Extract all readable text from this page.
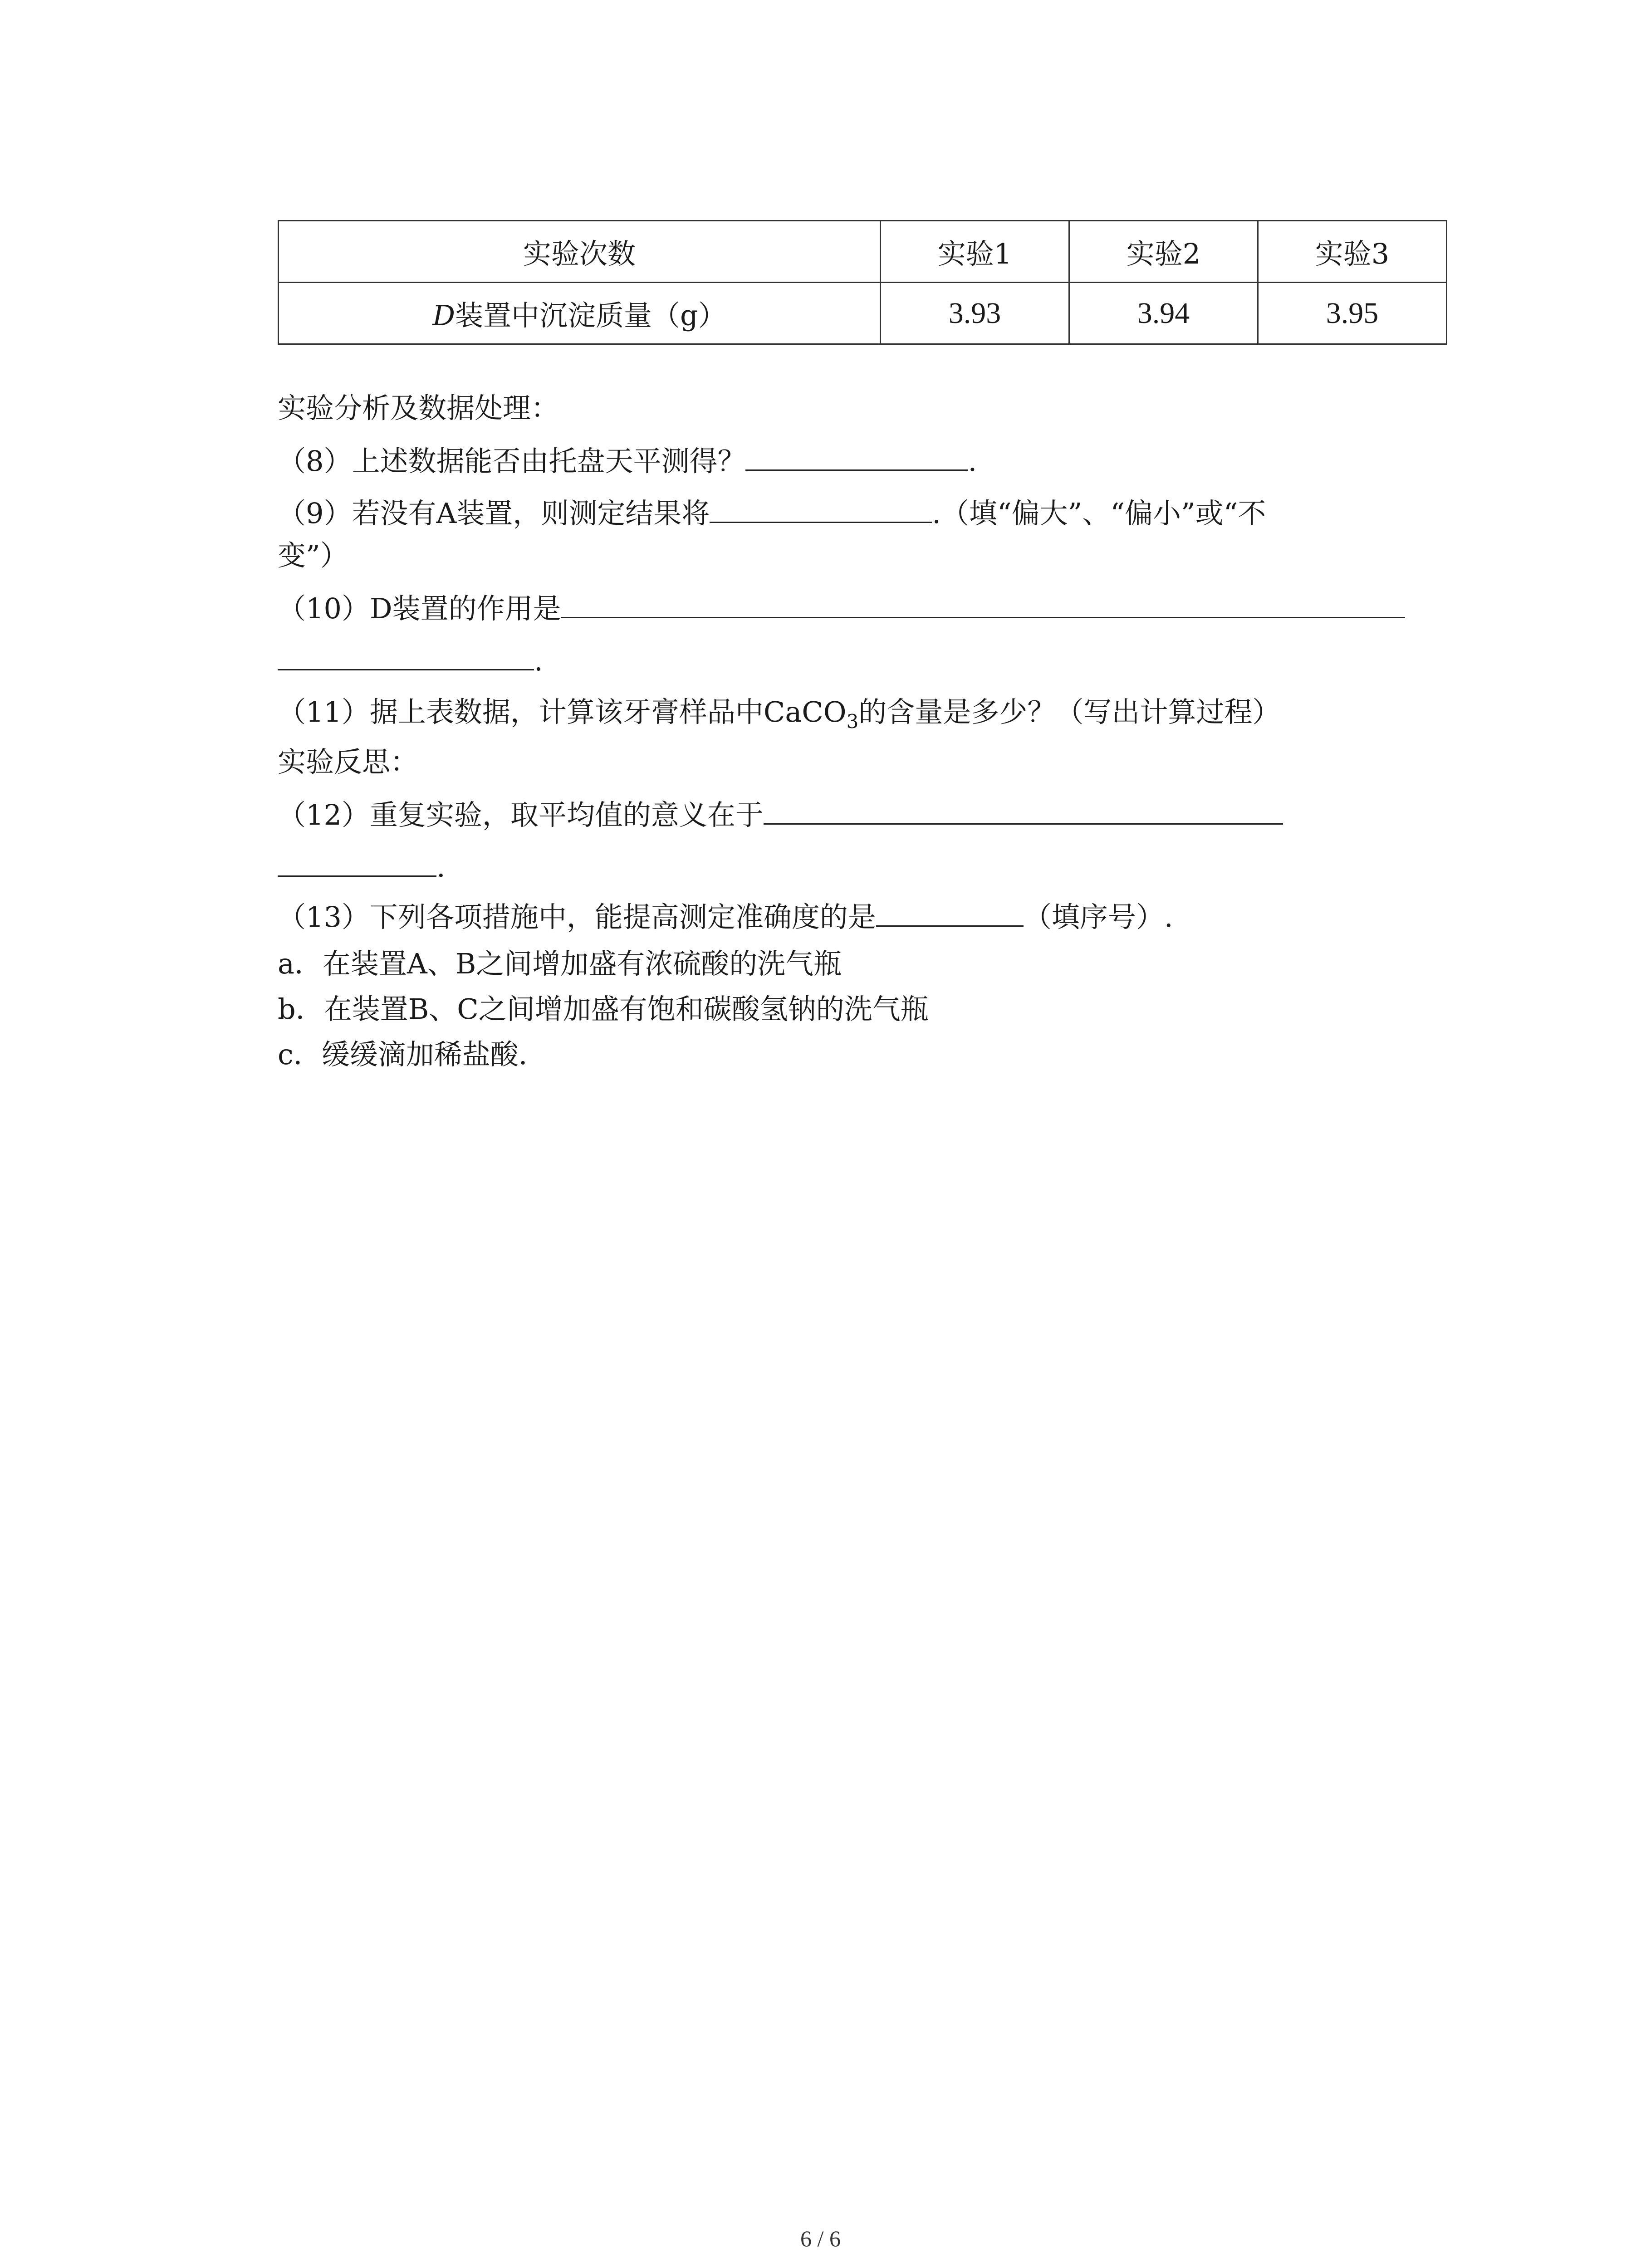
实验次数	实验1	实验2	实验3
D装置中沉淀质量（g）	3.93	3.94	3.95
实验分析及数据处理：
（8）上述数据能否由托盘天平测得？	.
（9）若没有A装置，则测定结果将	.（填“偏大”、“偏小”或“不
变”）
（10）D装置的作用是
.
（11）据上表数据，计算该牙膏样品中CaCO$_3$的含量是多少？（写出计算过程）
实验反思：
（12）重复实验，取平均值的意义在于
.
（13）下列各项措施中，能提高测定准确度的是	（填序号）.
a．在装置A、B之间增加盛有浓硫酸的洗气瓶
b．在装置B、C之间增加盛有饱和碳酸氢钠的洗气瓶
c．缓缓滴加稀盐酸.
6 / 6
